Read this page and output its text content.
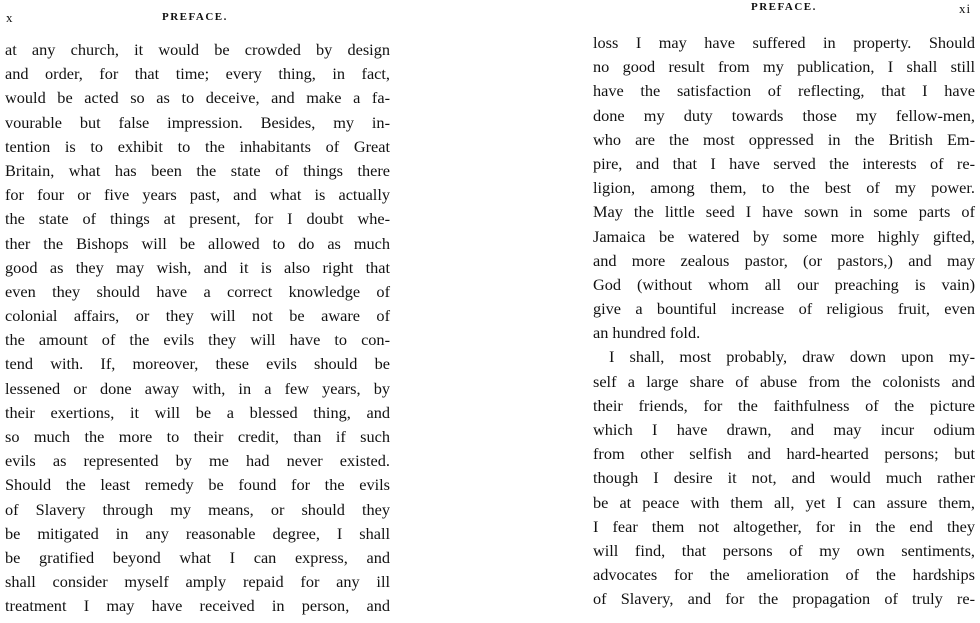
x	PREFACE.
at any church, it would be crowded by design
and order, for that time; every thing, in fact,
would be acted so as to deceive, and make a fa-
vourable but false impression. Besides, my in-
tention is to exhibit to the inhabitants of Great
Britain, what has been the state of things there
for four or five years past, and what is actually
the state of things at present, for I doubt whe-
ther the Bishops will be allowed to do as much
good as they may wish, and it is also right that
even they should have a correct knowledge of
colonial affairs, or they will not be aware of
the amount of the evils they will have to con-
tend with. If, moreover, these evils should be
lessened or done away with, in a few years, by
their exertions, it will be a blessed thing, and
so much the more to their credit, than if such
evils as represented by me had never existed.
Should the least remedy be found for the evils
of Slavery through my means, or should they
be mitigated in any reasonable degree, I shall
be gratified beyond what I can express, and
shall consider myself amply repaid for any ill
treatment I may have received in person, and
PREFACE.	xi
loss I may have suffered in property. Should
no good result from my publication, I shall still
have the satisfaction of reflecting, that I have
done my duty towards those my fellow-men,
who are the most oppressed in the British Em-
pire, and that I have served the interests of re-
ligion, among them, to the best of my power.
May the little seed I have sown in some parts of
Jamaica be watered by some more highly gifted,
and more zealous pastor, (or pastors,) and may
God (without whom all our preaching is vain)
give a bountiful increase of religious fruit, even
an hundred fold.
I shall, most probably, draw down upon my-
self a large share of abuse from the colonists and
their friends, for the faithfulness of the picture
which I have drawn, and may incur odium
from other selfish and hard-hearted persons; but
though I desire it not, and would much rather
be at peace with them all, yet I can assure them,
I fear them not altogether, for in the end they
will find, that persons of my own sentiments,
advocates for the amelioration of the hardships
of Slavery, and for the propagation of truly re-
